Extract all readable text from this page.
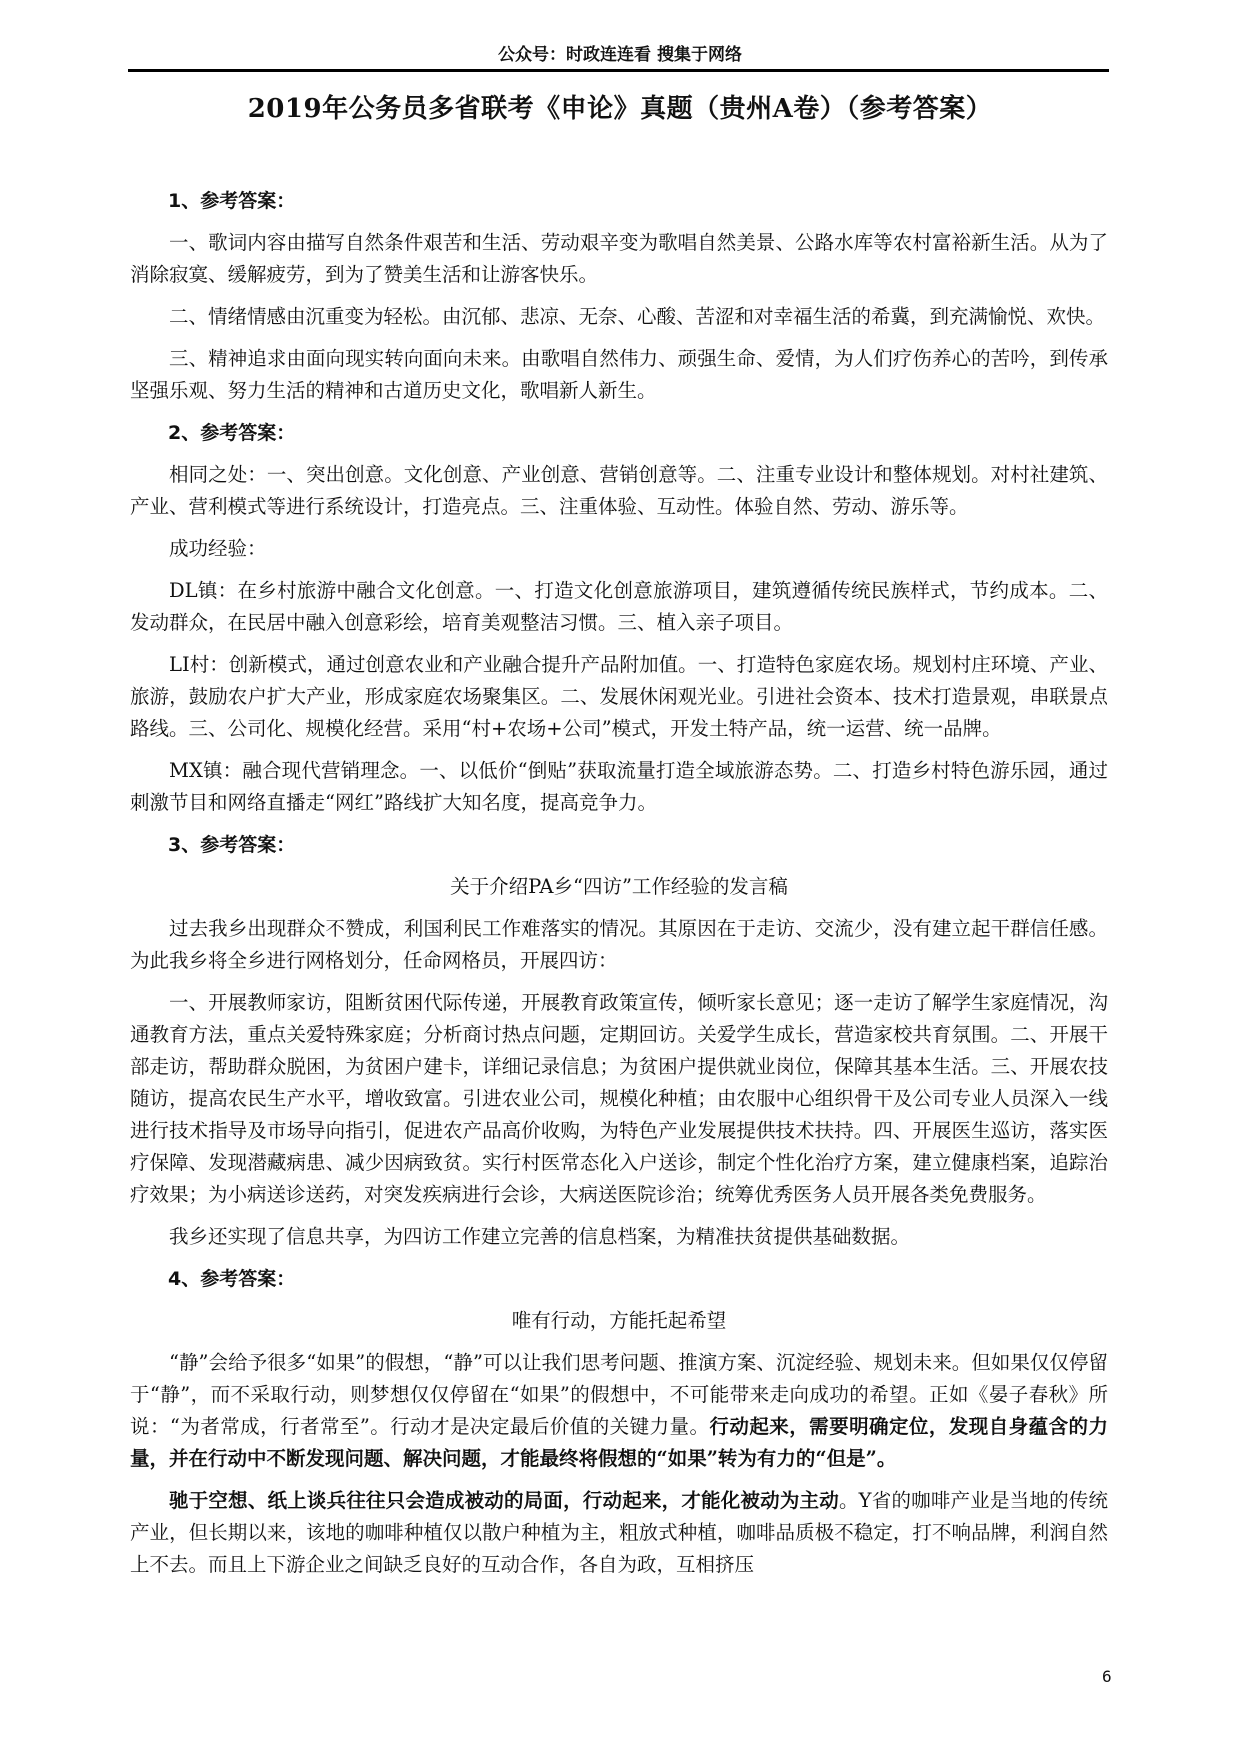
公众号：时政连连看 搜集于网络
2019年公务员多省联考《申论》真题（贵州A卷）（参考答案）

1、参考答案：

一、歌词内容由描写自然条件艰苦和生活、劳动艰辛变为歌唱自然美景、公路水库等农村富裕新生活。从为了消除寂寞、缓解疲劳，到为了赞美生活和让游客快乐。

二、情绪情感由沉重变为轻松。由沉郁、悲凉、无奈、心酸、苦涩和对幸福生活的希冀，到充满愉悦、欢快。

三、精神追求由面向现实转向面向未来。由歌唱自然伟力、顽强生命、爱情，为人们疗伤养心的苦吟，到传承坚强乐观、努力生活的精神和古道历史文化，歌唱新人新生。

2、参考答案：

相同之处：一、突出创意。文化创意、产业创意、营销创意等。二、注重专业设计和整体规划。对村社建筑、产业、营利模式等进行系统设计，打造亮点。三、注重体验、互动性。体验自然、劳动、游乐等。

成功经验：

DL镇：在乡村旅游中融合文化创意。一、打造文化创意旅游项目，建筑遵循传统民族样式，节约成本。二、发动群众，在民居中融入创意彩绘，培育美观整洁习惯。三、植入亲子项目。

LI村：创新模式，通过创意农业和产业融合提升产品附加值。一、打造特色家庭农场。规划村庄环境、产业、旅游，鼓励农户扩大产业，形成家庭农场聚集区。二、发展休闲观光业。引进社会资本、技术打造景观，串联景点路线。三、公司化、规模化经营。采用“村+农场+公司”模式，开发土特产品，统一运营、统一品牌。

MX镇：融合现代营销理念。一、以低价“倒贴”获取流量打造全域旅游态势。二、打造乡村特色游乐园，通过刺激节目和网络直播走“网红”路线扩大知名度，提高竞争力。

3、参考答案：

关于介绍PA乡“四访”工作经验的发言稿

过去我乡出现群众不赞成，利国利民工作难落实的情况。其原因在于走访、交流少，没有建立起干群信任感。为此我乡将全乡进行网格划分，任命网格员，开展四访：

一、开展教师家访，阻断贫困代际传递，开展教育政策宣传，倾听家长意见；逐一走访了解学生家庭情况，沟通教育方法，重点关爱特殊家庭；分析商讨热点问题，定期回访。关爱学生成长，营造家校共育氛围。二、开展干部走访，帮助群众脱困，为贫困户建卡，详细记录信息；为贫困户提供就业岗位，保障其基本生活。三、开展农技随访，提高农民生产水平，增收致富。引进农业公司，规模化种植；由农服中心组织骨干及公司专业人员深入一线进行技术指导及市场导向指引，促进农产品高价收购，为特色产业发展提供技术扶持。四、开展医生巡访，落实医疗保障、发现潜藏病患、减少因病致贫。实行村医常态化入户送诊，制定个性化治疗方案，建立健康档案，追踪治疗效果；为小病送诊送药，对突发疾病进行会诊，大病送医院诊治；统筹优秀医务人员开展各类免费服务。

我乡还实现了信息共享，为四访工作建立完善的信息档案，为精准扶贫提供基础数据。

4、参考答案：

唯有行动，方能托起希望

“静”会给予很多“如果”的假想，“静”可以让我们思考问题、推演方案、沉淀经验、规划未来。但如果仅仅停留于“静”，而不采取行动，则梦想仅仅停留在“如果”的假想中，不可能带来走向成功的希望。正如《晏子春秋》所说：“为者常成，行者常至”。行动才是决定最后价值的关键力量。行动起来，需要明确定位，发现自身蕴含的力量，并在行动中不断发现问题、解决问题，才能最终将假想的“如果”转为有力的“但是”。

驰于空想、纸上谈兵往往只会造成被动的局面，行动起来，才能化被动为主动。Y省的咖啡产业是当地的传统产业，但长期以来，该地的咖啡种植仅以散户种植为主，粗放式种植，咖啡品质极不稳定，打不响品牌，利润自然上不去。而且上下游企业之间缺乏良好的互动合作，各自为政，互相挤压

6
